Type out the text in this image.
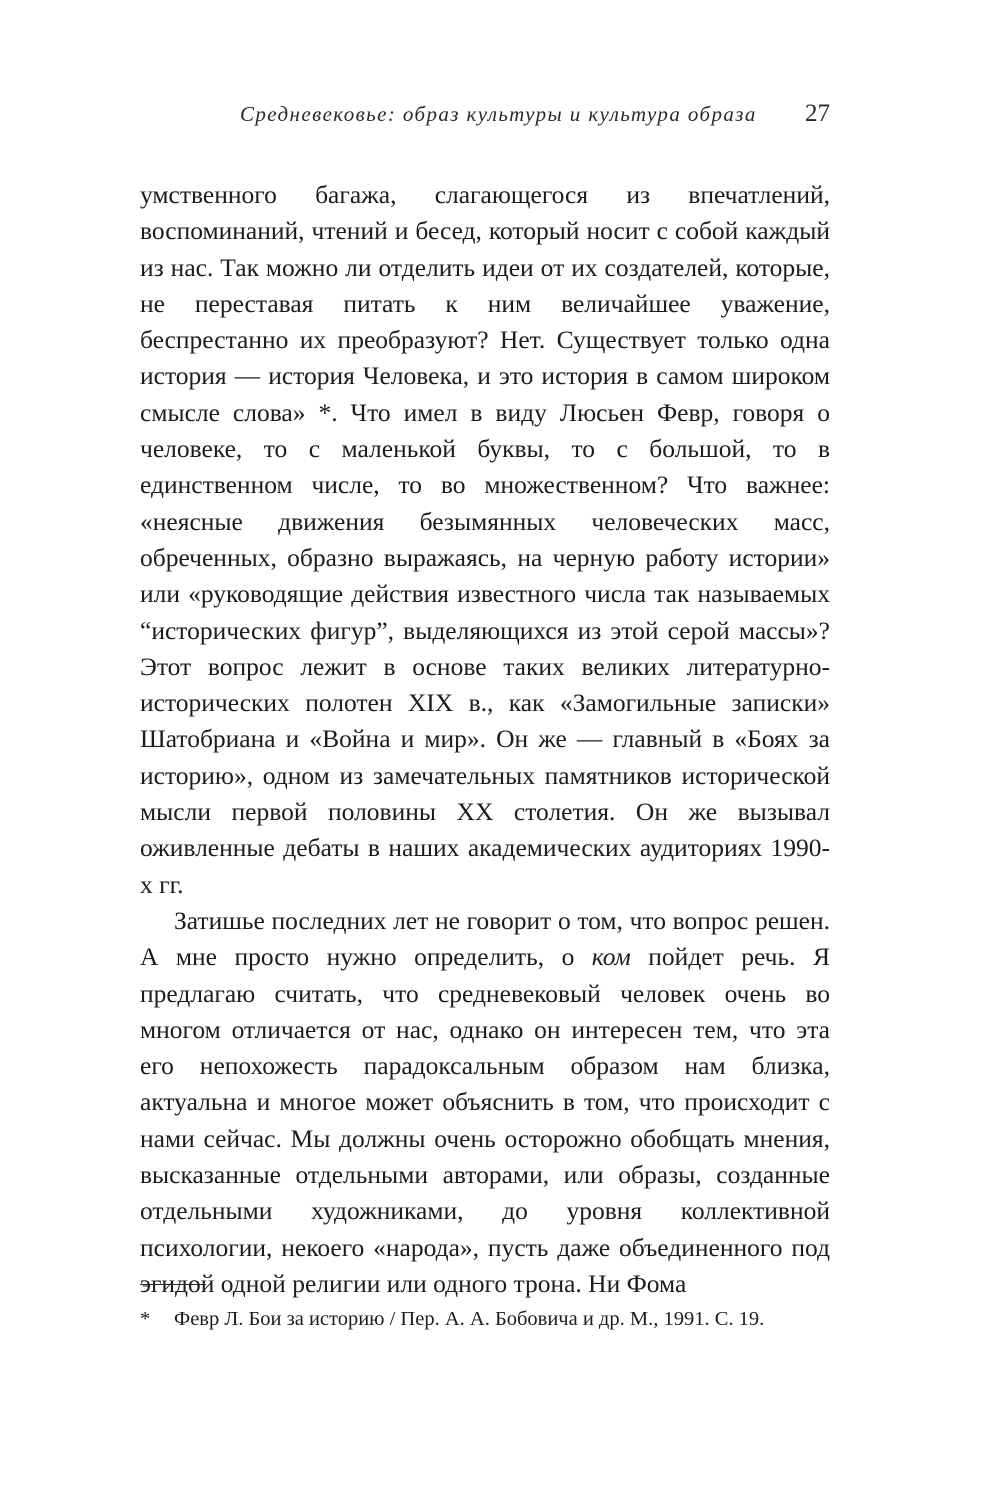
Средневековье: образ культуры и культура образа 27

умственного багажа, слагающегося из впечатлений, воспоминаний, чтений и бесед, который носит с собой каждый из нас. Так можно ли отделить идеи от их создателей, которые, не переставая питать к ним величайшее уважение, беспрестанно их преобразуют? Нет. Существует только одна история — история Человека, и это история в самом широком смысле слова» *. Что имел в виду Люсьен Февр, говоря о человеке, то с маленькой буквы, то с большой, то в единственном числе, то во множественном? Что важнее: «неясные движения безымянных человеческих масс, обреченных, образно выражаясь, на черную работу истории» или «руководящие действия известного числа так называемых “исторических фигур”, выделяющихся из этой серой массы»? Этот вопрос лежит в основе таких великих литературно-исторических полотен XIX в., как «Замогильные записки» Шатобриана и «Война и мир». Он же — главный в «Боях за историю», одном из замечательных памятников исторической мысли первой половины XX столетия. Он же вызывал оживленные дебаты в наших академических аудиториях 1990-х гг.

Затишье последних лет не говорит о том, что вопрос решен. А мне просто нужно определить, о ком пойдет речь. Я предлагаю считать, что средневековый человек очень во многом отличается от нас, однако он интересен тем, что эта его непохожесть парадоксальным образом нам близка, актуальна и многое может объяснить в том, что происходит с нами сейчас. Мы должны очень осторожно обобщать мнения, высказанные отдельными авторами, или образы, созданные отдельными художниками, до уровня коллективной психологии, некоего «народа», пусть даже объединенного под эгидой одной религии или одного трона. Ни Фома

* Февр Л. Бои за историю / Пер. А. А. Бобовича и др. М., 1991. С. 19.
